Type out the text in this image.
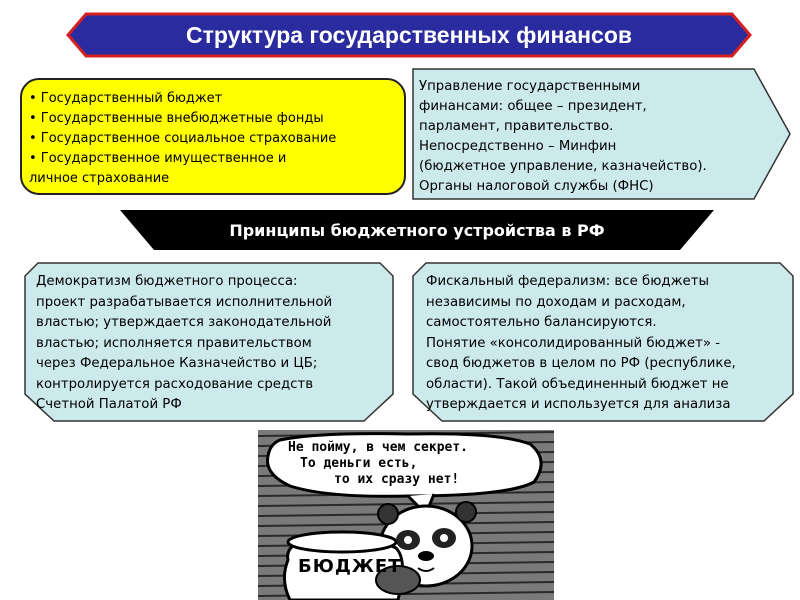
Структура государственных финансов
• Государственный бюджет
• Государственные внебюджетные фонды
• Государственное социальное страхование
• Государственное имущественное и
личное страхование
Управление государственными
финансами: общее – президент,
парламент, правительство.
Непосредственно – Минфин
(бюджетное управление, казначейство).
Органы налоговой службы (ФНС)
Принципы бюджетного устройства в РФ
Демократизм бюджетного процесса:
проект разрабатывается исполнительной
властью; утверждается законодательной
властью; исполняется правительством
через Федеральное Казначейство и ЦБ;
контролируется расходование средств
Счетной Палатой РФ
Фискальный федерализм: все бюджеты
независимы по доходам и расходам,
самостоятельно балансируются.
Понятие «консолидированный бюджет» -
свод бюджетов в целом по РФ (республике,
области). Такой объединенный бюджет не
утверждается и используется для анализа
Не пойму, в чем секрет.
То деньги есть,
то их сразу нет!
БЮДЖЕТ
